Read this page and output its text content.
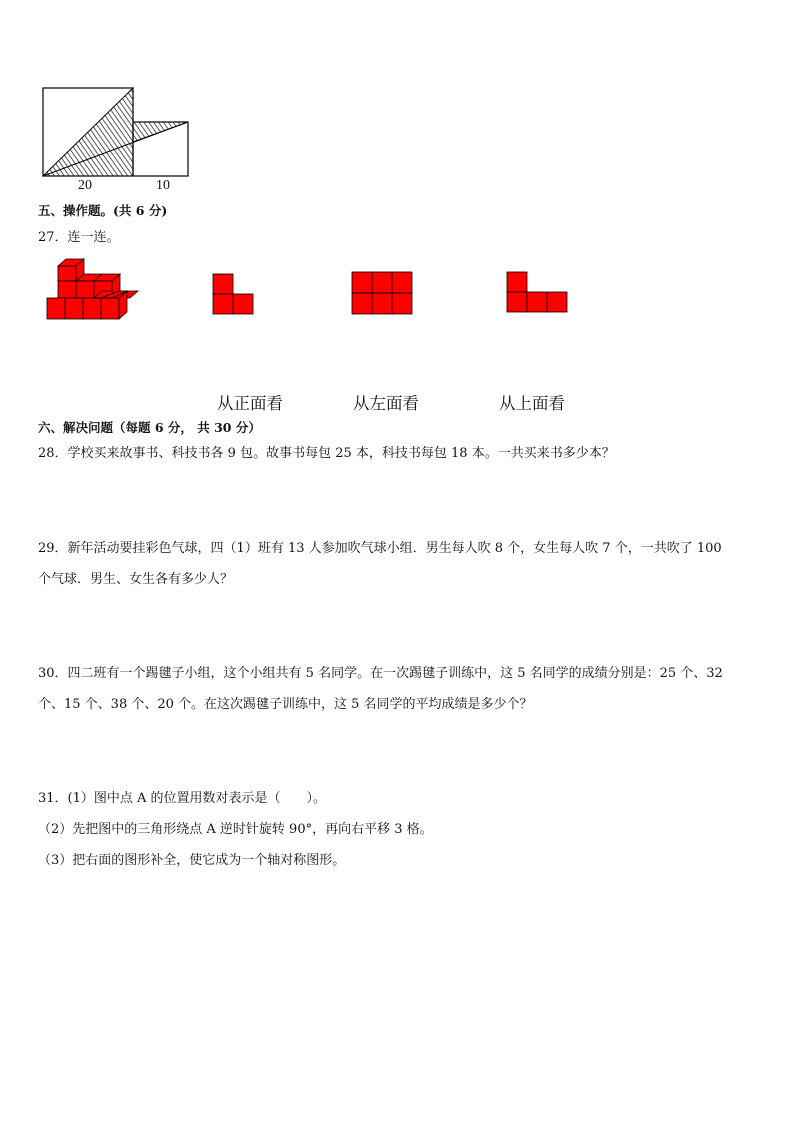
20	10
五、操作题。(共 6 分)
27．连一连。
从正面看	从左面看	从上面看
六、解决问题（每题 6 分， 共 30 分）
28．学校买来故事书、科技书各 9 包。故事书每包 25 本，科技书每包 18 本。一共买来书多少本？
29．新年活动要挂彩色气球，四（1）班有 13 人参加吹气球小组．男生每人吹 8 个，女生每人吹 7 个，一共吹了 100
个气球．男生、女生各有多少人？
30．四二班有一个踢毽子小组，这个小组共有 5 名同学。在一次踢毽子训练中，这 5 名同学的成绩分别是：25 个、32
个、15 个、38 个、20 个。在这次踢毽子训练中，这 5 名同学的平均成绩是多少个？
31．(1）图中点 A 的位置用数对表示是（　　）。
（2）先把图中的三角形绕点 A 逆时针旋转 90°，再向右平移 3 格。
（3）把右面的图形补全，使它成为一个轴对称图形。
